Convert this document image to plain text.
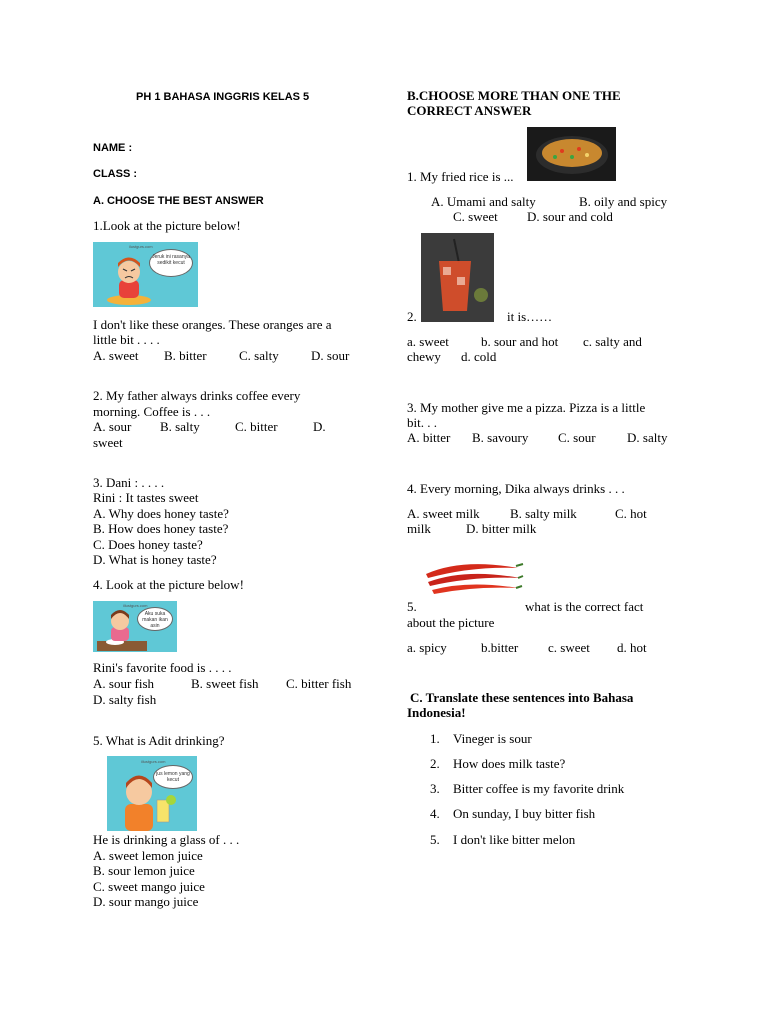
PH 1 BAHASA INGGRIS KELAS 5
NAME :
CLASS :
A. CHOOSE THE BEST ANSWER
1.Look at the picture below!
ilustgurs.com
Jeruk ini rasanya sedikit kecut
I don't like these oranges. These oranges are a
little bit . . . .
A. sweet B. bitter C. salty D. sour
2. My father always drinks coffee every
morning. Coffee is . . .
A. sour B. salty	C. bitter	D.
sweet
3. Dani : . . . .
Rini : It tastes sweet
A. Why does honey taste?
B. How does honey taste?
C. Does honey taste?
D. What is honey taste?
4. Look at the picture below!
illustgurs.com
Aku suka makan ikan asin
Rini's favorite food is . . . .
A. sour fish	B. sweet fish C. bitter fish
D. salty fish
5. What is Adit drinking?
illustgurs.com
jus lemon yang kecut
He is drinking a glass of . . .
A. sweet lemon juice
B. sour lemon juice
C. sweet mango juice
D. sour mango juice
B.CHOOSE MORE THAN ONE THE
CORRECT ANSWER
1. My fried rice is ...
A. Umami and salty	B. oily and spicy
C. sweet D. sour and cold
2.	it is……
a. sweet b. sour and hot c. salty and
chewy d. cold
3. My mother give me a pizza. Pizza is a little
bit. . .
A. bitter B. savoury C. sour D. salty
4. Every morning, Dika always drinks . . .
A. sweet milk B. salty milk	C. hot
milk	D. bitter milk
5.	what is the correct fact
about the picture
a. spicy	b.bitter c. sweet d. hot
C. Translate these sentences into Bahasa
Indonesia!
1. Vineger is sour
2. How does milk taste?
3. Bitter coffee is my favorite drink
4. On sunday, I buy bitter fish
5. I don't like bitter melon
